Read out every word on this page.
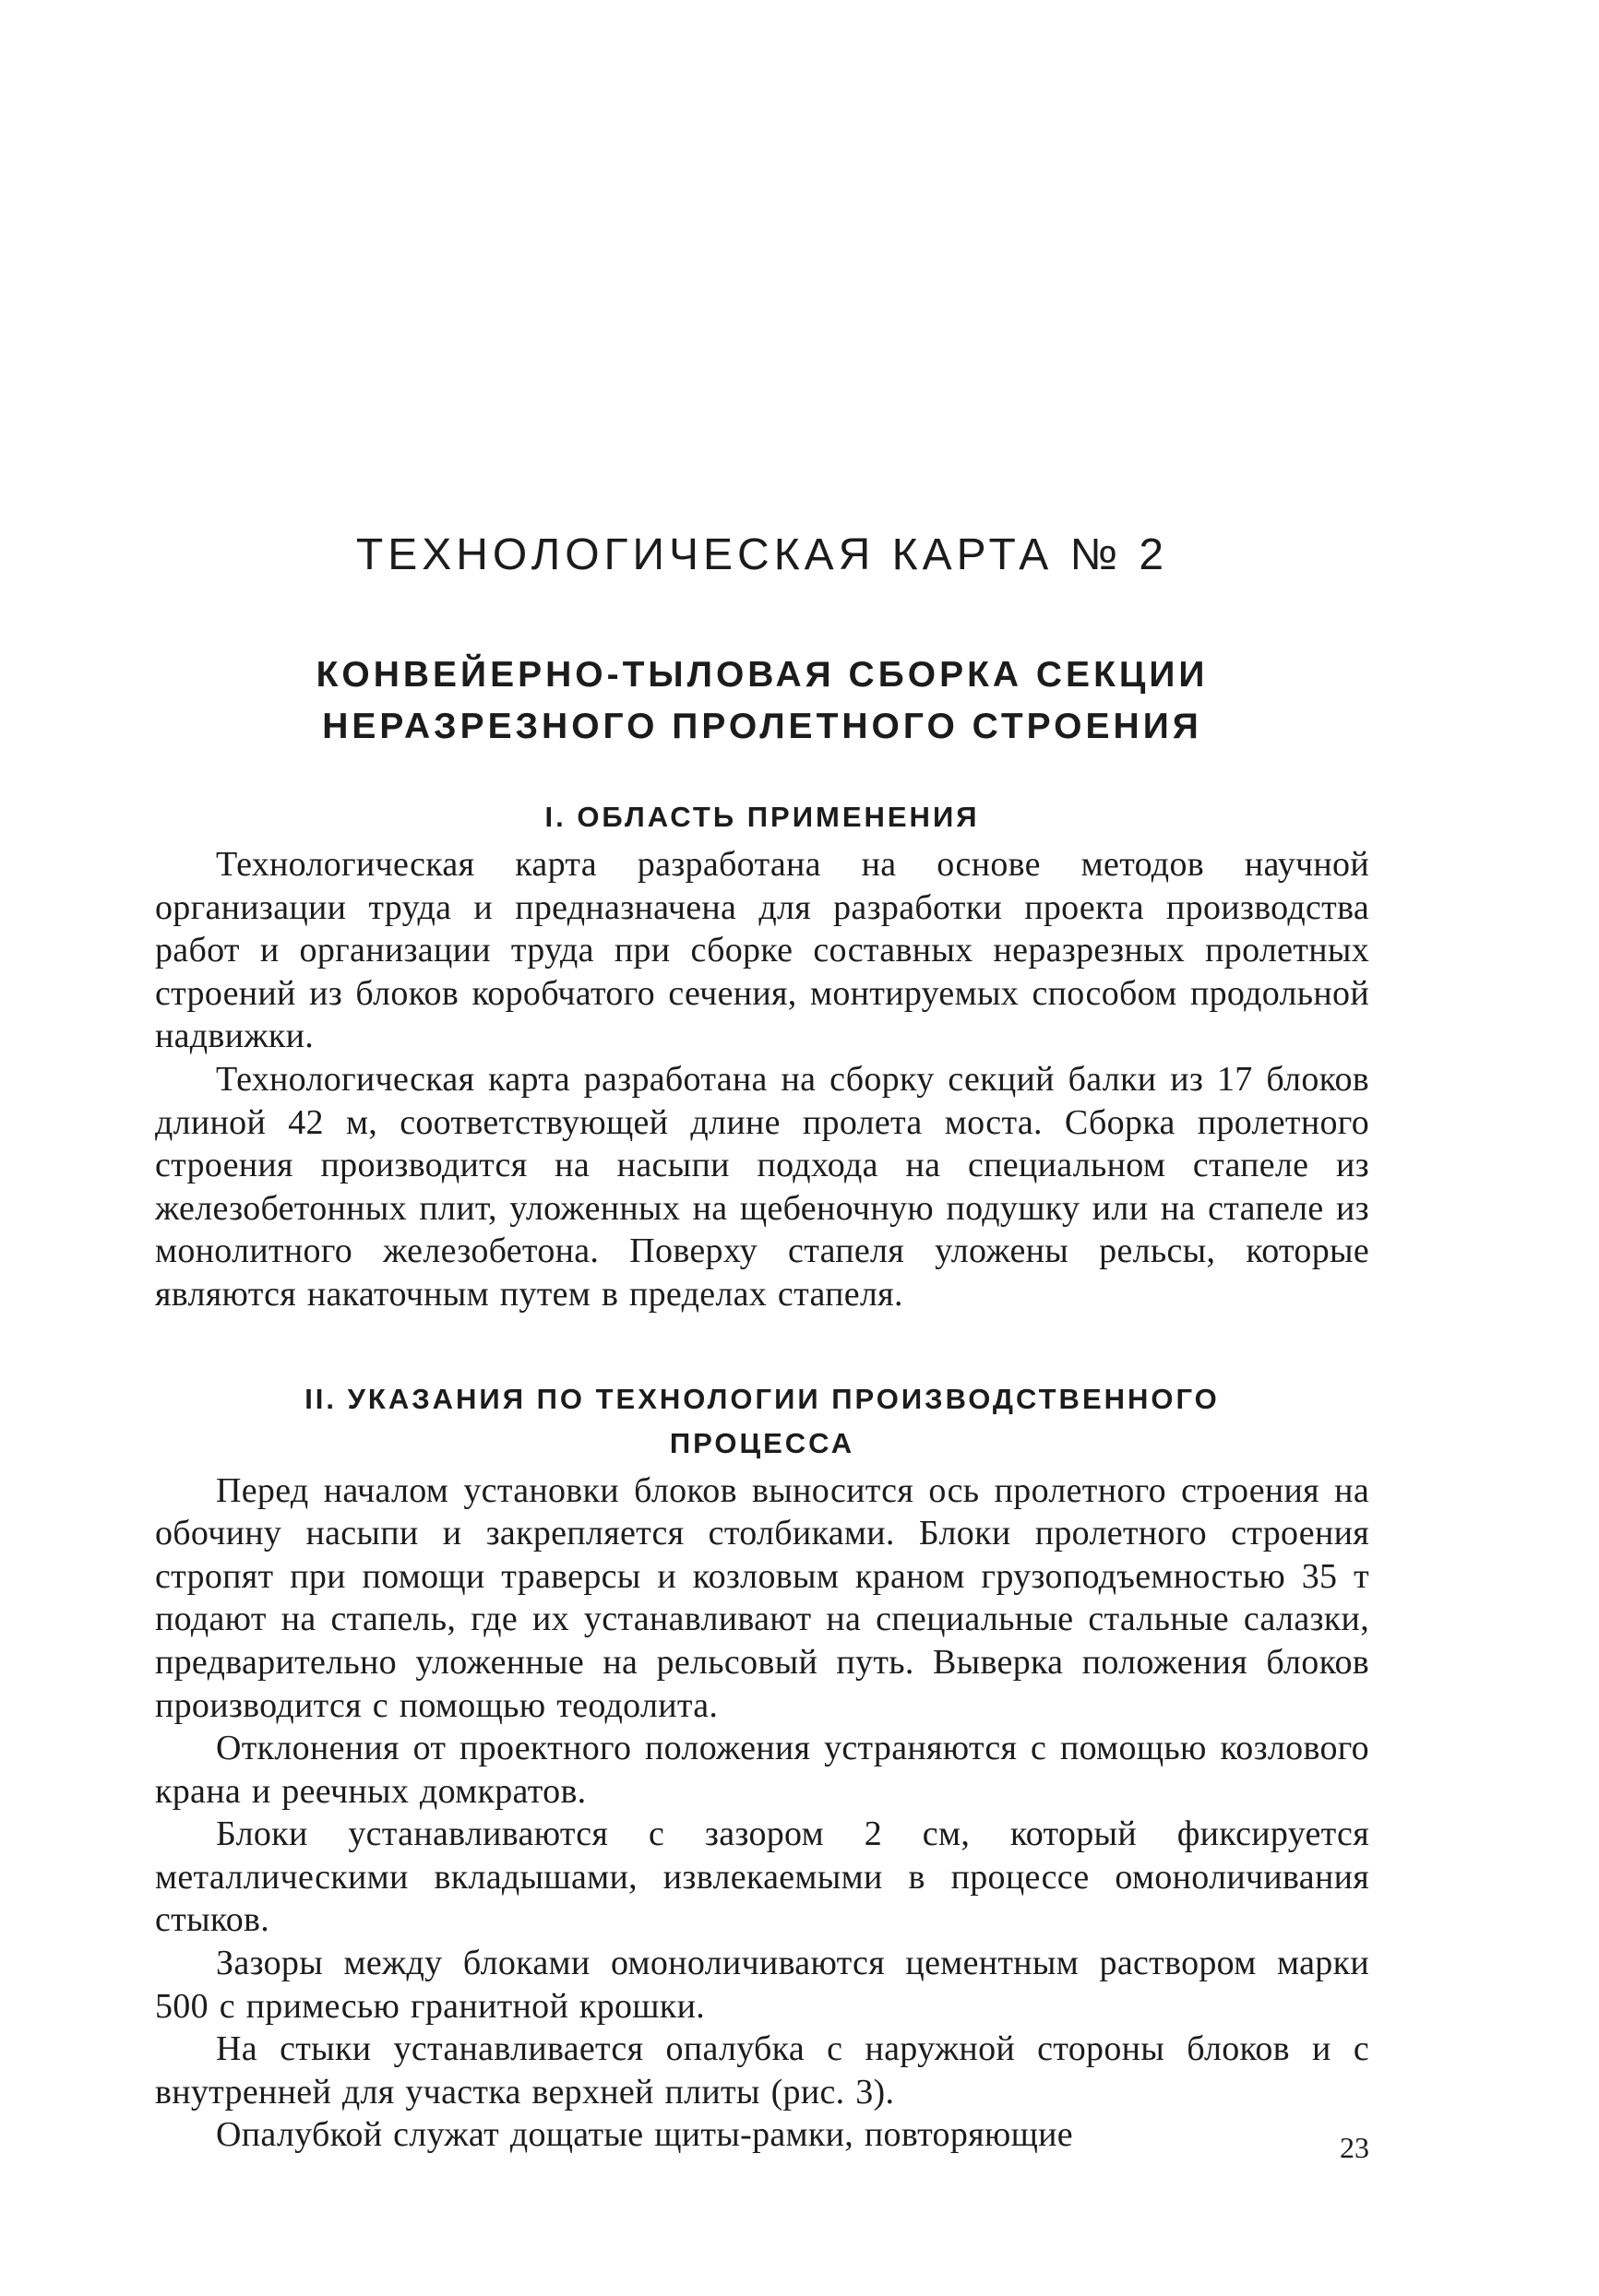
ТЕХНОЛОГИЧЕСКАЯ КАРТА № 2
КОНВЕЙЕРНО-ТЫЛОВАЯ СБОРКА СЕКЦИИ
НЕРАЗРЕЗНОГО ПРОЛЕТНОГО СТРОЕНИЯ
I. ОБЛАСТЬ ПРИМЕНЕНИЯ

Технологическая карта разработана на основе методов научной организации труда и предназначена для разработки проекта производства работ и организации труда при сборке составных неразрезных пролетных строений из блоков коробчатого сечения, монтируемых способом продольной надвижки.

Технологическая карта разработана на сборку секций балки из 17 блоков длиной 42 м, соответствующей длине пролета моста. Сборка пролетного строения производится на насыпи подхода на специальном стапеле из железобетонных плит, уложенных на щебеночную подушку или на стапеле из монолитного железобетона. Поверху стапеля уложены рельсы, которые являются накаточным путем в пределах стапеля.

II. УКАЗАНИЯ ПО ТЕХНОЛОГИИ ПРОИЗВОДСТВЕННОГО
ПРОЦЕССА

Перед началом установки блоков выносится ось пролетного строения на обочину насыпи и закрепляется столбиками. Блоки пролетного строения стропят при помощи траверсы и козловым краном грузоподъемностью 35 т подают на стапель, где их устанавливают на специальные стальные салазки, предварительно уложенные на рельсовый путь. Выверка положения блоков производится с помощью теодолита.

Отклонения от проектного положения устраняются с помощью козлового крана и реечных домкратов.

Блоки устанавливаются с зазором 2 см, который фиксируется металлическими вкладышами, извлекаемыми в процессе омоноличивания стыков.

Зазоры между блоками омоноличиваются цементным раствором марки 500 с примесью гранитной крошки.

На стыки устанавливается опалубка с наружной стороны блоков и с внутренней для участка верхней плиты (рис. 3).

Опалубкой служат дощатые щиты-рамки, повторяющие	23
